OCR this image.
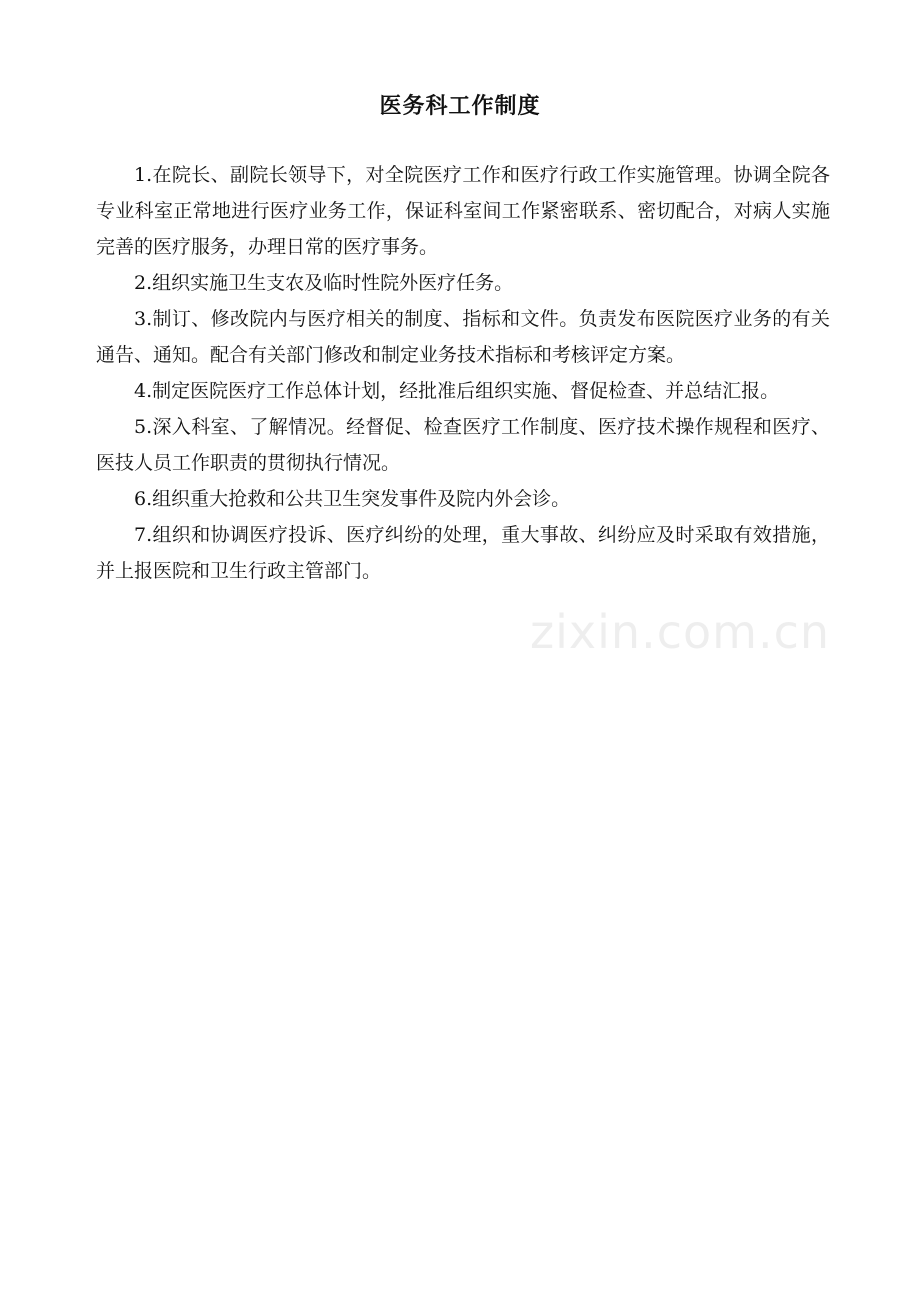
医务科工作制度

1.在院长、副院长领导下，对全院医疗工作和医疗行政工作实施管理。协调全院各专业科室正常地进行医疗业务工作，保证科室间工作紧密联系、密切配合，对病人实施完善的医疗服务，办理日常的医疗事务。

2.组织实施卫生支农及临时性院外医疗任务。

3.制订、修改院内与医疗相关的制度、指标和文件。负责发布医院医疗业务的有关通告、通知。配合有关部门修改和制定业务技术指标和考核评定方案。

4.制定医院医疗工作总体计划，经批准后组织实施、督促检查、并总结汇报。

5.深入科室、了解情况。经督促、检查医疗工作制度、医疗技术操作规程和医疗、医技人员工作职责的贯彻执行情况。

6.组织重大抢救和公共卫生突发事件及院内外会诊。

7.组织和协调医疗投诉、医疗纠纷的处理，重大事故、纠纷应及时采取有效措施，并上报医院和卫生行政主管部门。

zixin.com.cn
